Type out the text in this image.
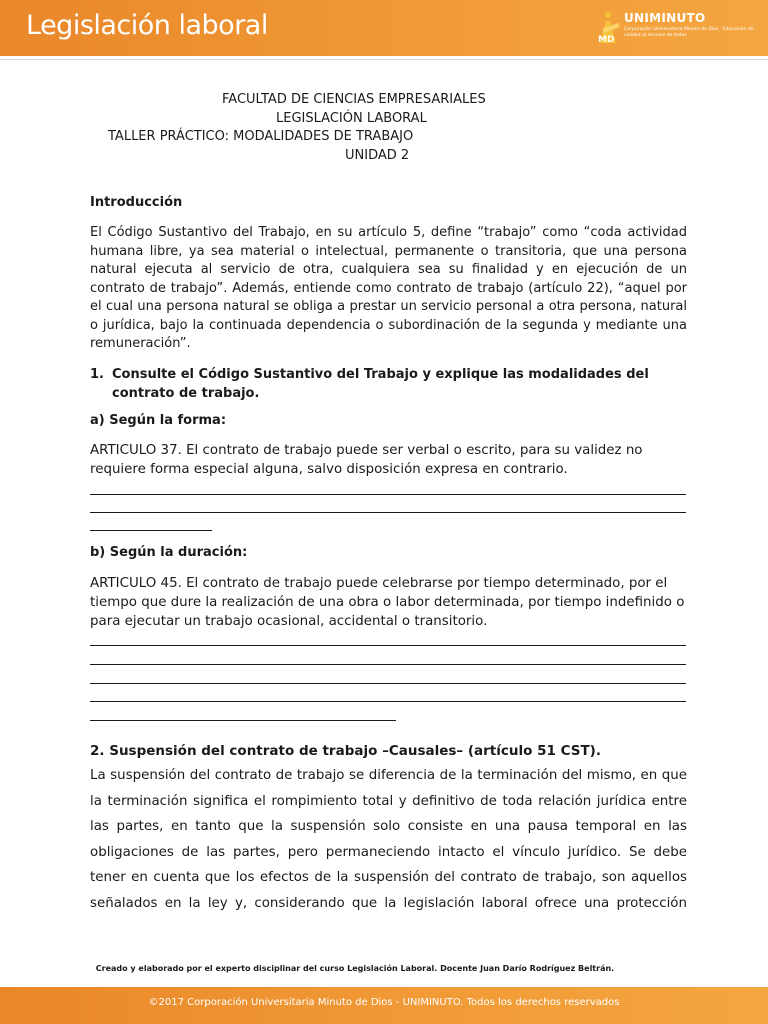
Legislación laboral	MD
UNIMINUTO
Corporación Universitaria Minuto de Dios · Educación de calidad al alcance de todos
FACULTAD DE CIENCIAS EMPRESARIALES
LEGISLACIÓN LABORAL
TALLER PRÁCTICO: MODALIDADES DE TRABAJO
UNIDAD 2
Introducción
El Código Sustantivo del Trabajo, en su artículo 5, define “trabajo” como “coda actividad humana libre, ya sea material o intelectual, permanente o transitoria, que una persona natural ejecuta al servicio de otra, cualquiera sea su finalidad y en ejecución de un contrato de trabajo”. Además, entiende como contrato de trabajo (artículo 22), “aquel por el cual una persona natural se obliga a prestar un servicio personal a otra persona, natural o jurídica, bajo la continuada dependencia o subordinación de la segunda y mediante una remuneración”.
1. Consulte el Código Sustantivo del Trabajo y explique las modalidades del contrato de trabajo.
a) Según la forma:
ARTICULO 37. El contrato de trabajo puede ser verbal o escrito, para su validez no requiere forma especial alguna, salvo disposición expresa en contrario.
b) Según la duración:
ARTICULO 45. El contrato de trabajo puede celebrarse por tiempo determinado, por el tiempo que dure la realización de una obra o labor determinada, por tiempo indefinido o para ejecutar un trabajo ocasional, accidental o transitorio.
2. Suspensión del contrato de trabajo –Causales– (artículo 51 CST).
La suspensión del contrato de trabajo se diferencia de la terminación del mismo, en que la terminación significa el rompimiento total y definitivo de toda relación jurídica entre las partes, en tanto que la suspensión solo consiste en una pausa temporal en las obligaciones de las partes, pero permaneciendo intacto el vínculo jurídico. Se debe tener en cuenta que los efectos de la suspensión del contrato de trabajo, son aquellos señalados en la ley y, considerando que la legislación laboral ofrece una protección
Creado y elaborado por el experto disciplinar del curso Legislación Laboral. Docente Juan Darío Rodríguez Beltrán.
©2017 Corporación Universitaria Minuto de Dios - UNIMINUTO. Todos los derechos reservados
